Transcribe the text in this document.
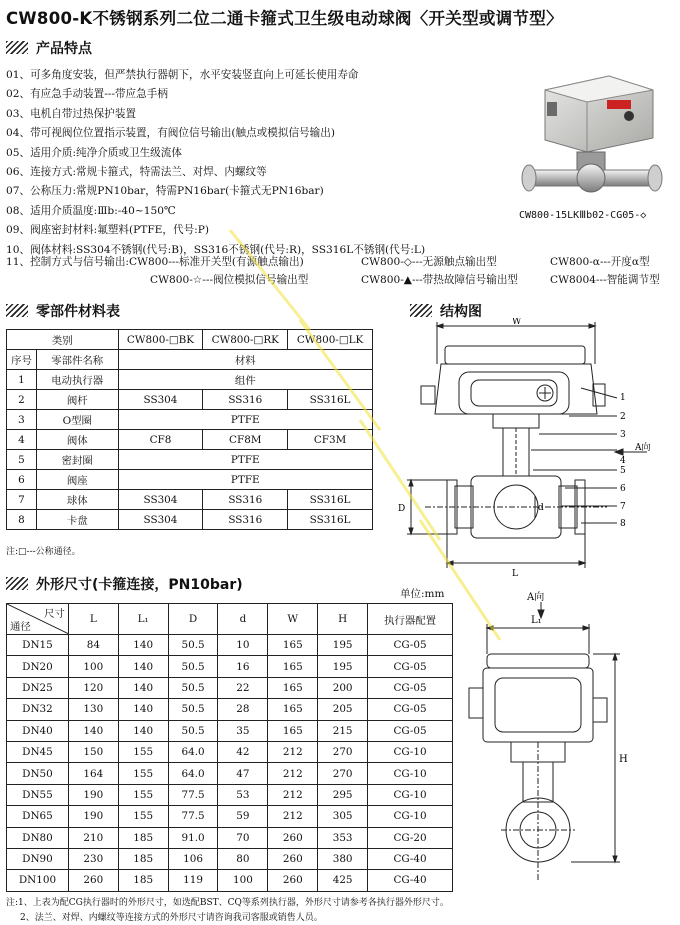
CW800-K不锈钢系列二位二通卡箍式卫生级电动球阀〈开关型或调节型〉
产品特点
01、可多角度安装，但严禁执行器朝下，水平安装竖直向上可延长使用寿命
02、有应急手动装置---带应急手柄
03、电机自带过热保护装置
04、带可视阀位位置指示装置，有阀位信号输出(触点或模拟信号输出)
05、适用介质:纯净介质或卫生级流体
06、连接方式:常规卡箍式，特需法兰、对焊、内螺纹等
07、公称压力:常规PN10bar，特需PN16bar(卡箍式无PN16bar)
08、适用介质温度:Ⅲb:-40~150℃
09、阀座密封材料:氟塑料(PTFE，代号:P)
10、阀体材料:SS304不锈钢(代号:B)，SS316不锈钢(代号:R)，SS316L不锈钢(代号:L)
11、控制方式与信号输出:CW800---标准开关型(有源触点输出)	CW800-◇---无源触点输出型	CW800-α---开度α型
CW800-☆---阀位模拟信号输出型	CW800-▲---带热故障信号输出型	CW8004---智能调节型
CW800-15LKⅢb02-CG05-◇
零部件材料表
类别		CW800-□BK	CW800-□RK	CW800-□LK
序号	零部件名称	材料		
1	电动执行器	组件		
2	阀杆	SS304	SS316	SS316L
3	O型圈	PTFE		
4	阀体	CF8	CF8M	CF3M
5	密封圈	PTFE		
6	阀座	PTFE		
7	球体	SS304	SS316	SS316L
8	卡盘	SS304	SS316	SS316L
注:□---公称通径。
结构图
W
L
D	d
A向
1
2
3
4
5
6
7
8
外形尺寸(卡箍连接，PN10bar)
单位:mm
尺寸
通径	L	L₁	D	d	W	H	执行器配置
DN15	84	140	50.5	10	165	195	CG-05
DN20	100	140	50.5	16	165	195	CG-05
DN25	120	140	50.5	22	165	200	CG-05
DN32	130	140	50.5	28	165	205	CG-05
DN40	140	140	50.5	35	165	215	CG-05
DN45	150	155	64.0	42	212	270	CG-10
DN50	164	155	64.0	47	212	270	CG-10
DN55	190	155	77.5	53	212	295	CG-10
DN65	190	155	77.5	59	212	305	CG-10
DN80	210	185	91.0	70	260	353	CG-20
DN90	230	185	106	80	260	380	CG-40
DN100	260	185	119	100	260	425	CG-40
注:1、上表为配CG执行器时的外形尺寸，如选配BST、CQ等系列执行器，外形尺寸请参考各执行器外形尺寸。
2、法兰、对焊、内螺纹等连接方式的外形尺寸请咨询我司客服或销售人员。
A向
L₁
H
